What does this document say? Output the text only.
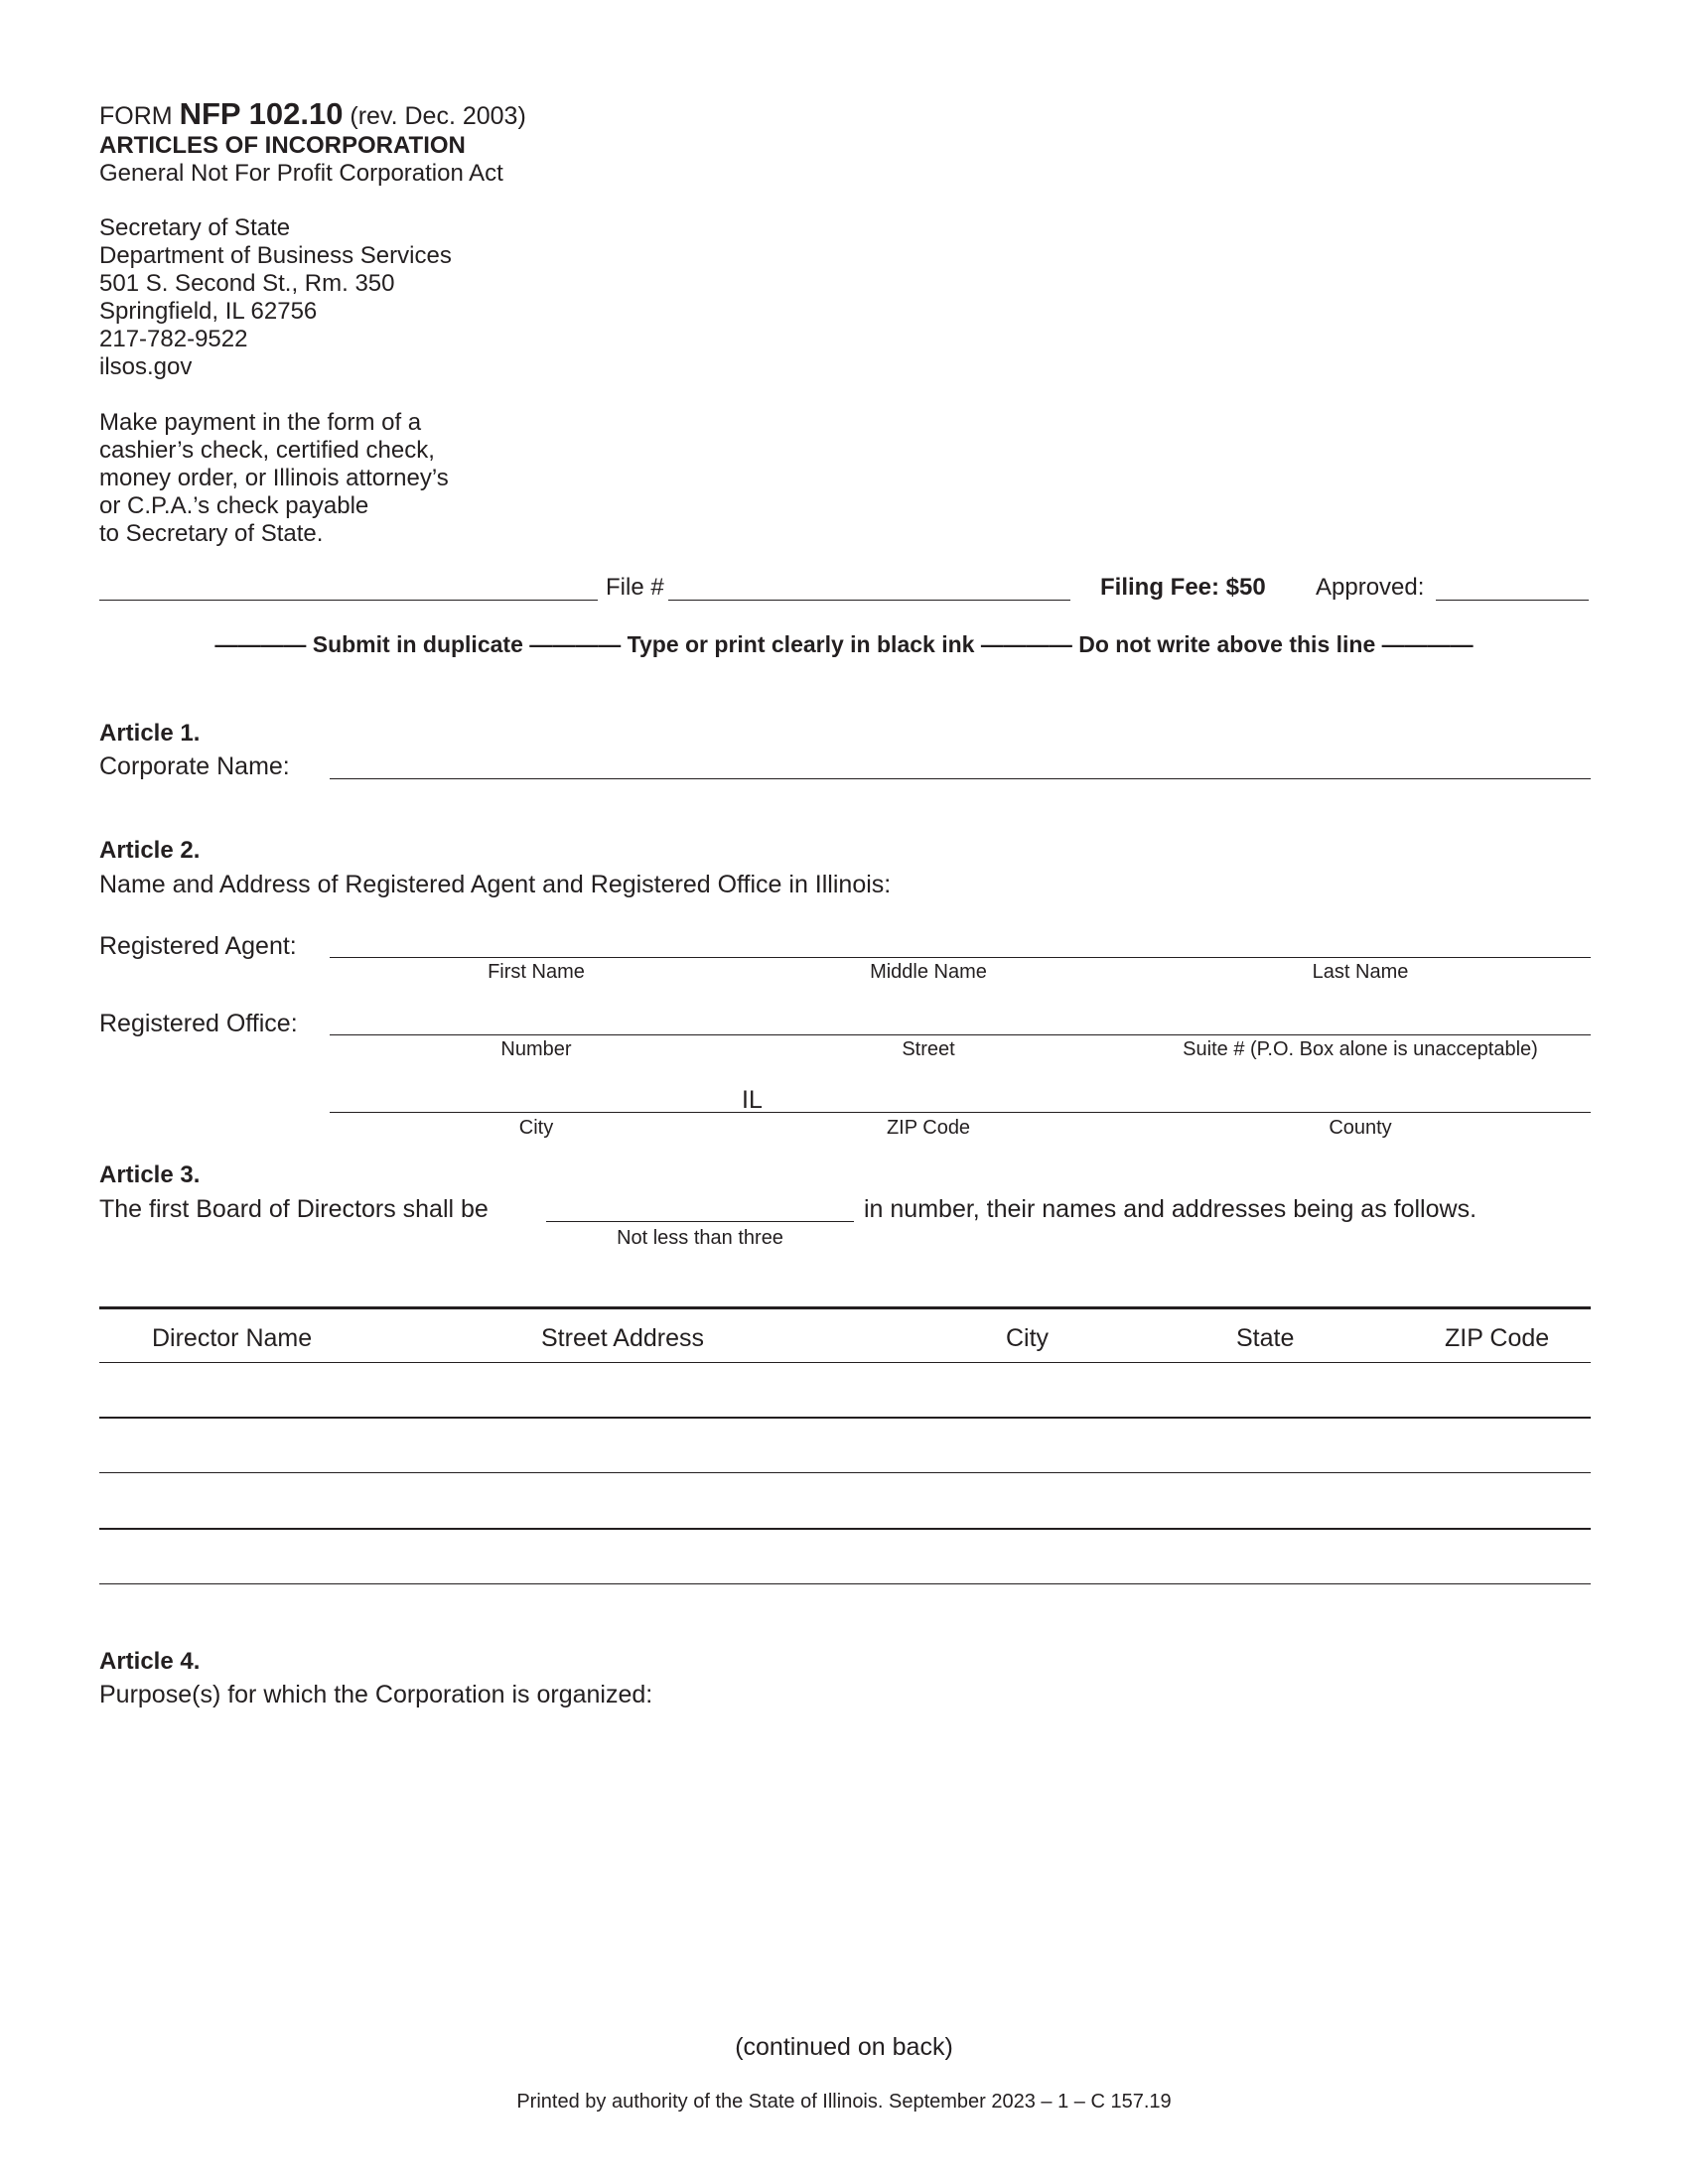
FORM NFP 102.10 (rev. Dec. 2003)
ARTICLES OF INCORPORATION
General Not For Profit Corporation Act
Secretary of State
Department of Business Services
501 S. Second St., Rm. 350
Springfield, IL 62756
217-782-9522
ilsos.gov
Make payment in the form of a
cashier’s check, certified check,
money order, or Illinois attorney’s
or C.P.A.’s check payable
to Secretary of State.
File #	Filing Fee: $50 Approved:
———— Submit in duplicate ———— Type or print clearly in black ink ———— Do not write above this line ————
Article 1.
Corporate Name:
Article 2.
Name and Address of Registered Agent and Registered Office in Illinois:
Registered Agent:
First Name	Middle Name	Last Name
Registered Office:
Number	Street	Suite # (P.O. Box alone is unacceptable)
IL
City	ZIP Code	County
Article 3.
The first Board of Directors shall be	in number, their names and addresses being as follows.
Not less than three
Director Name	Street Address	City	State	ZIP Code
Article 4.
Purpose(s) for which the Corporation is organized:
(continued on back)
Printed by authority of the State of Illinois. September 2023 – 1 – C 157.19
